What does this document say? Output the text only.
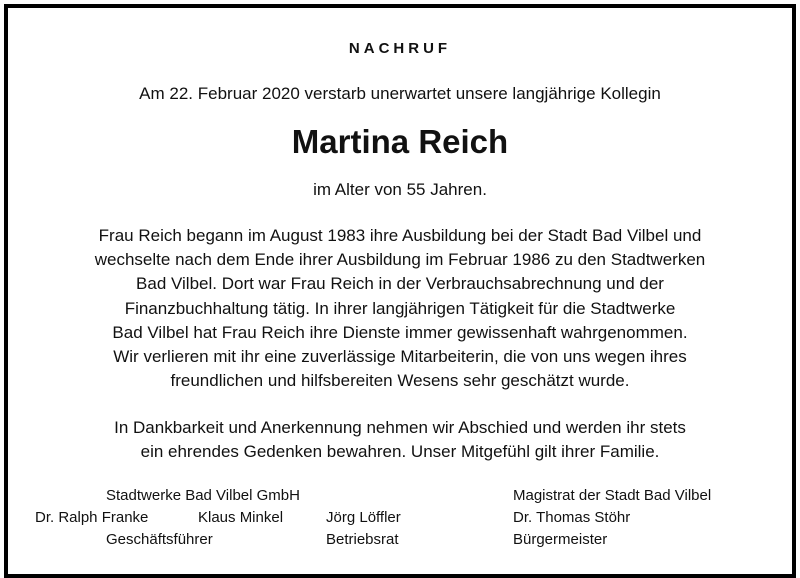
NACHRUF
Am 22. Februar 2020 verstarb unerwartet unsere langjährige Kollegin
Martina Reich
im Alter von 55 Jahren.
Frau Reich begann im August 1983 ihre Ausbildung bei der Stadt Bad Vilbel und
wechselte nach dem Ende ihrer Ausbildung im Februar 1986 zu den Stadtwerken
Bad Vilbel. Dort war Frau Reich in der Verbrauchsabrechnung und der
Finanzbuchhaltung tätig. In ihrer langjährigen Tätigkeit für die Stadtwerke
Bad Vilbel hat Frau Reich ihre Dienste immer gewissenhaft wahrgenommen.
Wir verlieren mit ihr eine zuverlässige Mitarbeiterin, die von uns wegen ihres
freundlichen und hilfsbereiten Wesens sehr geschätzt wurde.
In Dankbarkeit und Anerkennung nehmen wir Abschied und werden ihr stets
ein ehrendes Gedenken bewahren. Unser Mitgefühl gilt ihrer Familie.
Stadtwerke Bad Vilbel GmbH
Dr. Ralph Franke	Klaus Minkel
Geschäftsführer
Jörg Löffler
Betriebsrat
Magistrat der Stadt Bad Vilbel
Dr. Thomas Stöhr
Bürgermeister
